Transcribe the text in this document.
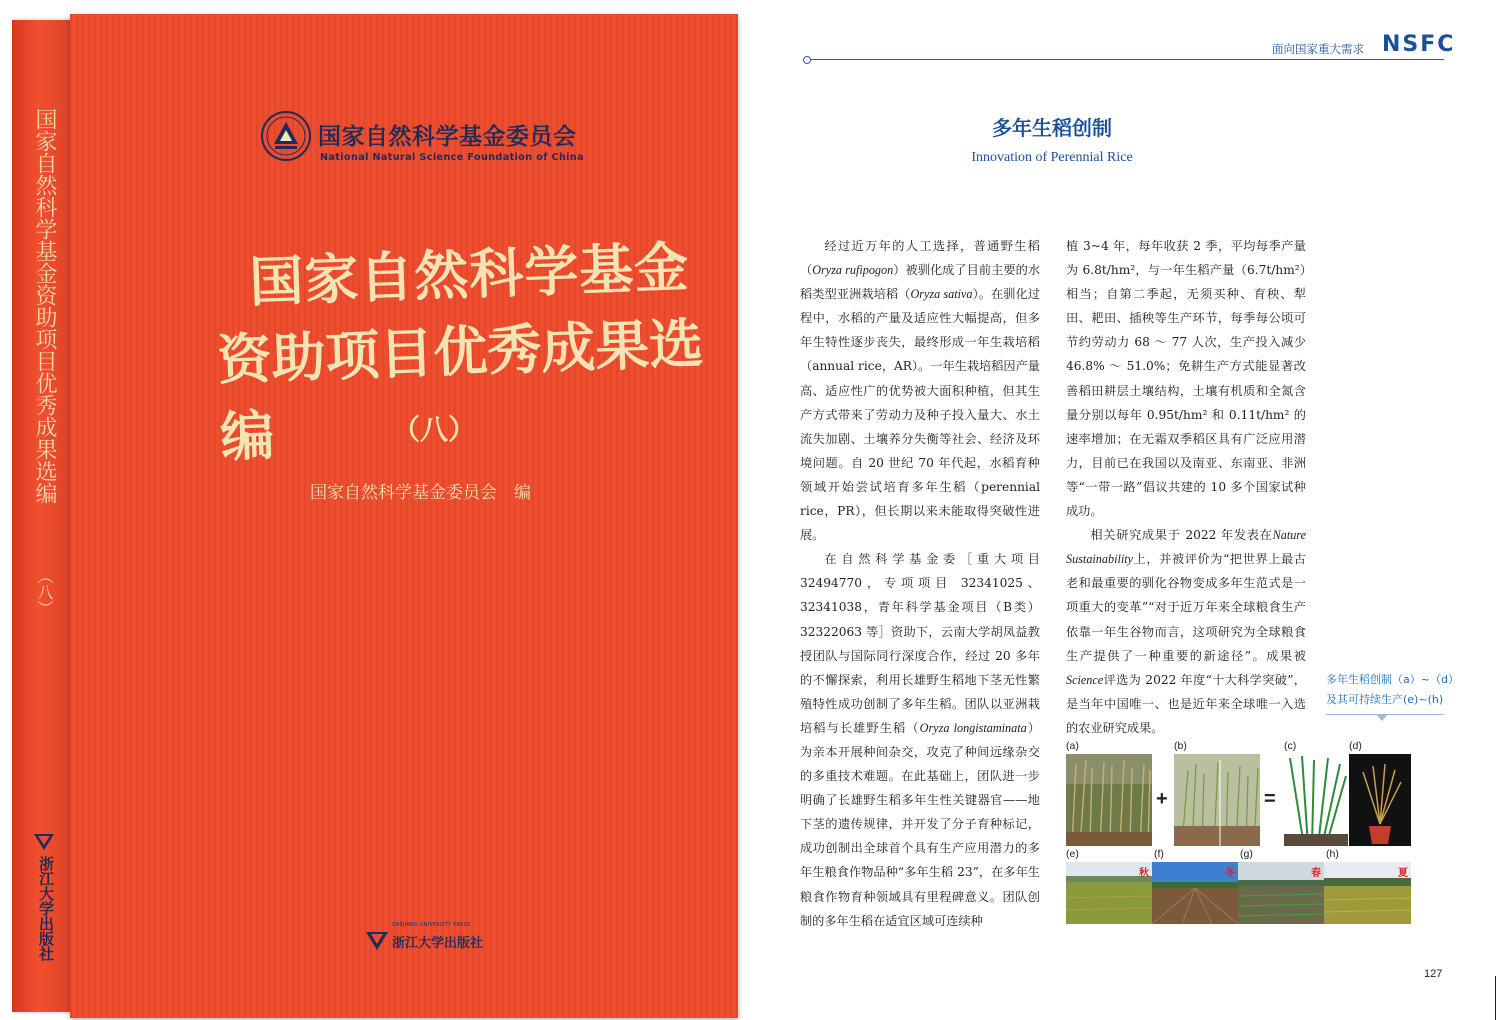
国家自然科学基金资助项目优秀成果选编
（八）
浙江大学出版社
国家自然科学基金委员会
National Natural Science Foundation of China
国家自然科学基金
资助项目优秀成果选编	（八）
国家自然科学基金委员会　编
ZHEJIANG UNIVERSITY PRESS
浙江大学出版社
面向国家重大需求 NSFC
多年生稻创制
Innovation of Perennial Rice

经过近万年的人工选择，普通野生稻（Oryza rufipogon）被驯化成了目前主要的水稻类型亚洲栽培稻（Oryza sativa）。在驯化过程中，水稻的产量及适应性大幅提高，但多年生特性逐步丧失，最终形成一年生栽培稻（annual rice，AR）。一年生栽培稻因产量高、适应性广的优势被大面积种植，但其生产方式带来了劳动力及种子投入量大、水土流失加剧、土壤养分失衡等社会、经济及环境问题。自 20 世纪 70 年代起，水稻育种领域开始尝试培育多年生稻（perennial rice，PR），但长期以来未能取得突破性进展。

在自然科学基金委［重大项目 32494770，专项项目 32341025、32341038，青年科学基金项目（B类）32322063 等］资助下，云南大学胡凤益教授团队与国际同行深度合作，经过 20 多年的不懈探索，利用长雄野生稻地下茎无性繁殖特性成功创制了多年生稻。团队以亚洲栽培稻与长雄野生稻（Oryza longistaminata）为亲本开展种间杂交，攻克了种间远缘杂交的多重技术难题。在此基础上，团队进一步明确了长雄野生稻多年生性关键器官——地下茎的遗传规律，并开发了分子育种标记，成功创制出全球首个具有生产应用潜力的多年生粮食作物品种“多年生稻 23”，在多年生粮食作物育种领域具有里程碑意义。团队创制的多年生稻在适宜区域可连续种

植 3~4 年，每年收获 2 季，平均每季产量为 6.8t/hm²，与一年生稻产量（6.7t/hm²）相当；自第二季起，无须买种、育秧、犁田、耙田、插秧等生产环节，每季每公顷可节约劳动力 68 ～ 77 人次，生产投入减少 46.8% ～ 51.0%；免耕生产方式能显著改善稻田耕层土壤结构，土壤有机质和全氮含量分别以每年 0.95t/hm² 和 0.11t/hm² 的速率增加；在无霜双季稻区具有广泛应用潜力，目前已在我国以及南亚、东南亚、非洲等“一带一路”倡议共建的 10 多个国家试种成功。

相关研究成果于 2022 年发表在Nature Sustainability上，并被评价为“把世界上最古老和最重要的驯化谷物变成多年生范式是一项重大的变革”“对于近万年来全球粮食生产依靠一年生谷物而言，这项研究为全球粮食生产提供了一种重要的新途径”。成果被Science评选为 2022 年度“十大科学突破”，是当年中国唯一、也是近年来全球唯一入选的农业研究成果。

多年生稻创制（a）~（d）
及其可持续生产(e)~(h)
(a)	(b)	(c)	(d)
+	=
(e)	(f)	(g)	(h)
秋	冬	春	夏
127
